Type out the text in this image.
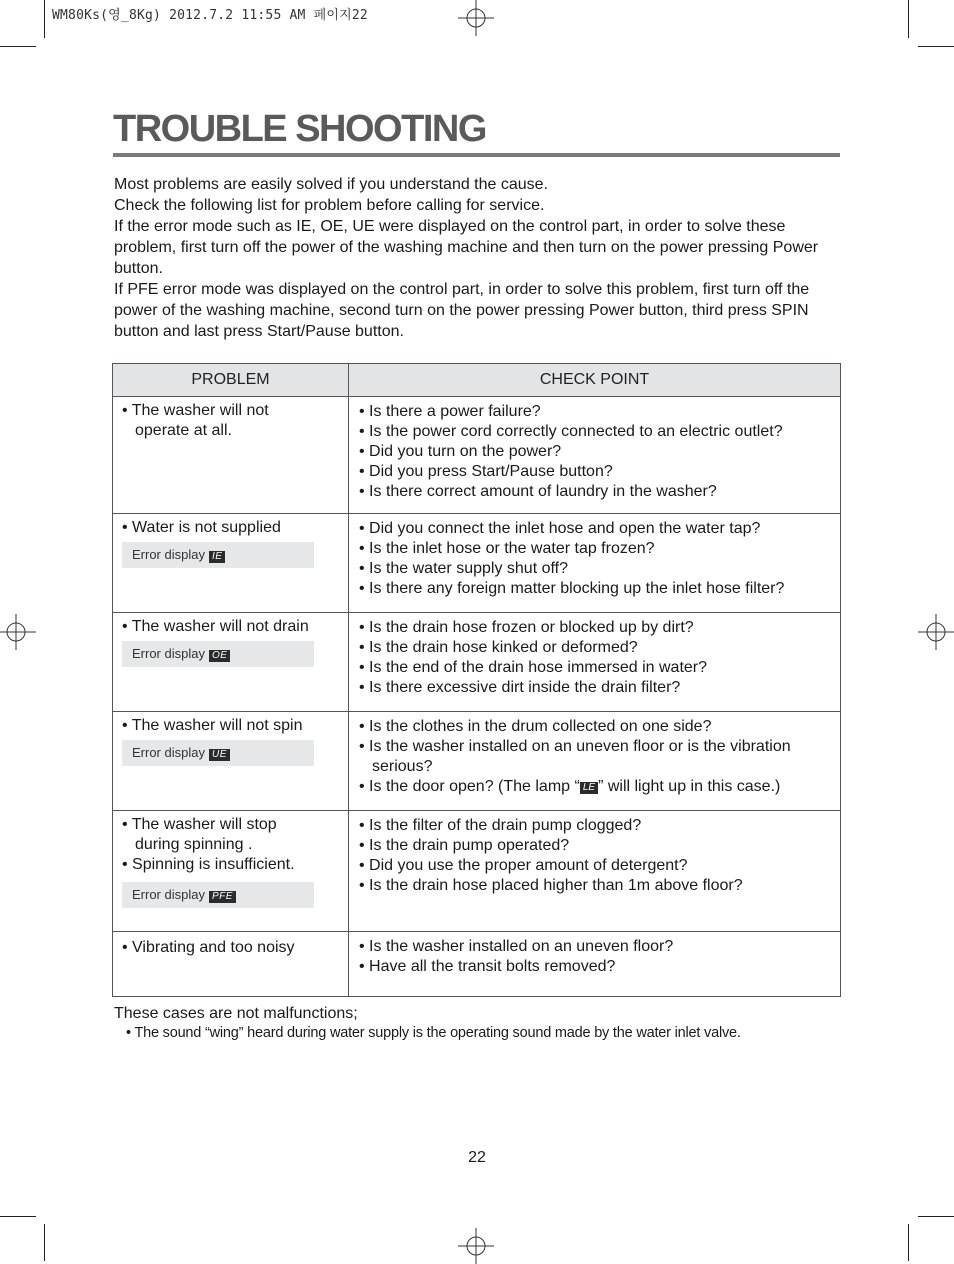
WM80Ks(영_8Kg) 2012.7.2 11:55 AM 페이지22
TROUBLE SHOOTING

Most problems are easily solved if you understand the cause.

Check the following list for problem before calling for service.

If the error mode such as IE, OE, UE were displayed on the control part, in order to solve these problem, first turn off the power of the washing machine and then turn on the power pressing Power button.

If PFE error mode was displayed on the control part, in order to solve this problem, first turn off the power of the washing machine, second turn on the power pressing Power button, third press SPIN button and last press Start/Pause button.

PROBLEM	CHECK POINT

• The washer will not
operate at all.	• Is there a power failure?
• Is the power cord correctly connected to an electric outlet?
• Did you turn on the power?
• Did you press Start/Pause button?
• Is there correct amount of laundry in the washer?

• Water is not supplied
Error display IE	• Did you connect the inlet hose and open the water tap?
• Is the inlet hose or the water tap frozen?
• Is the water supply shut off?
• Is there any foreign matter blocking up the inlet hose filter?

• The washer will not drain
Error display OE	• Is the drain hose frozen or blocked up by dirt?
• Is the drain hose kinked or deformed?
• Is the end of the drain hose immersed in water?
• Is there excessive dirt inside the drain filter?

• The washer will not spin
Error display UE	• Is the clothes in the drum collected on one side?
• Is the washer installed on an uneven floor or is the vibration
serious?
• Is the door open? (The lamp “ LE ” will light up in this case.)

• The washer will stop
during spinning .
• Spinning is insufficient.
Error display PFE	• Is the filter of the drain pump clogged?
• Is the drain pump operated?
• Did you use the proper amount of detergent?
• Is the drain hose placed higher than 1m above floor?

• Vibrating and too noisy	• Is the washer installed on an uneven floor?
• Have all the transit bolts removed?
These cases are not malfunctions;
• The sound “wing” heard during water supply is the operating sound made by the water inlet valve.
22
